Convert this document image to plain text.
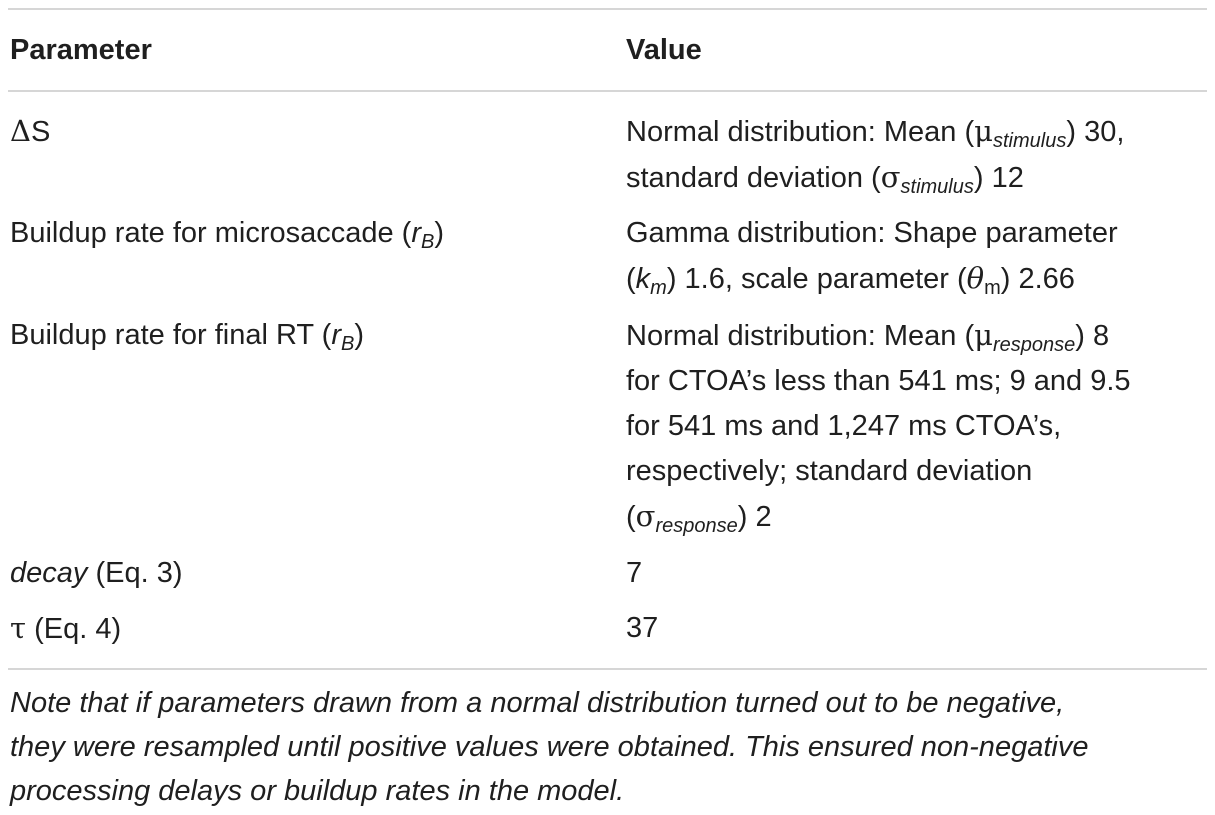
Parameter	Value
ΔS	Normal distribution: Mean $(\mu_{stimulus})$ 30,
standard deviation $(\sigma_{stimulus})$ 12
Buildup rate for microsaccade $(r_B)$	Gamma distribution: Shape parameter
$(k_m)$ 1.6, scale parameter $(\theta_m)$ 2.66
Buildup rate for final RT $(r_B)$	Normal distribution: Mean $(\mu_{response})$ 8
for CTOA’s less than 541 ms; 9 and 9.5
for 541 ms and 1,247 ms CTOA’s,
respectively; standard deviation
$(\sigma_{response})$ 2
decay (Eq. 3)	7
τ (Eq. 4)	37
Note that if parameters drawn from a normal distribution turned out to be negative,
they were resampled until positive values were obtained. This ensured non-negative
processing delays or buildup rates in the model.
